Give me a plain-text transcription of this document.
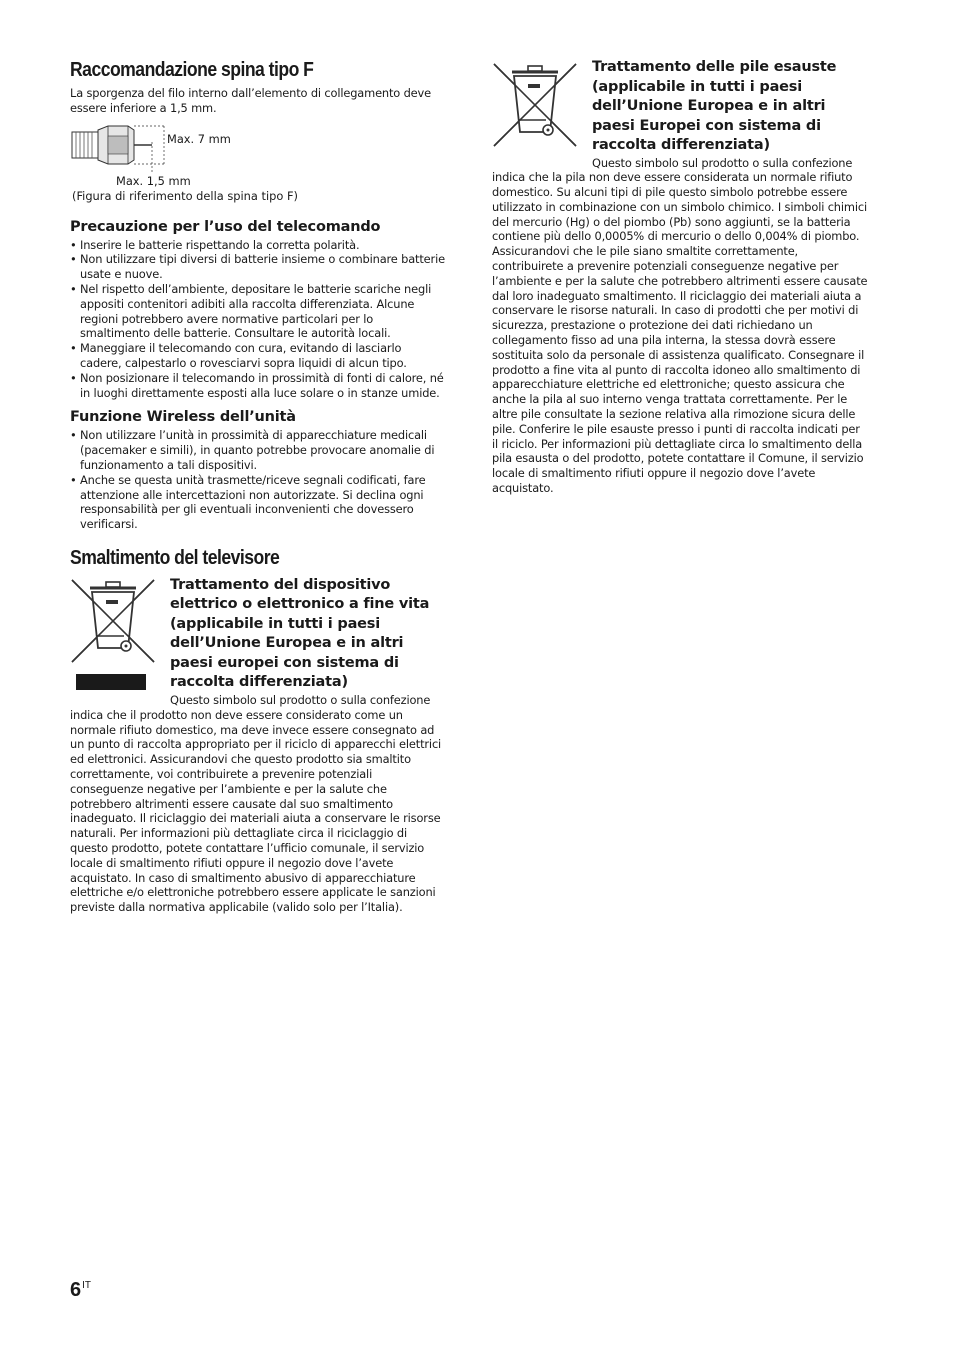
Raccomandazione spina tipo F

La sporgenza del filo interno dall’elemento di collegamento deve essere inferiore a 1,5 mm.

Max. 7 mm
Max. 1,5 mm
(Figura di riferimento della spina tipo F)
Precauzione per l’uso del telecomando
• Inserire le batterie rispettando la corretta polarità.
• Non utilizzare tipi diversi di batterie insieme o combinare batterie usate e nuove.
• Nel rispetto dell’ambiente, depositare le batterie scariche negli appositi contenitori adibiti alla raccolta differenziata. Alcune regioni potrebbero avere normative particolari per lo smaltimento delle batterie. Consultare le autorità locali.
• Maneggiare il telecomando con cura, evitando di lasciarlo cadere, calpestarlo o rovesciarvi sopra liquidi di alcun tipo.
• Non posizionare il telecomando in prossimità di fonti di calore, né in luoghi direttamente esposti alla luce solare o in stanze umide.
Funzione Wireless dell’unità
• Non utilizzare l’unità in prossimità di apparecchiature medicali (pacemaker e simili), in quanto potrebbe provocare anomalie di funzionamento a tali dispositivi.
• Anche se questa unità trasmette/riceve segnali codificati, fare attenzione alle intercettazioni non autorizzate. Si declina ogni responsabilità per gli eventuali inconvenienti che dovessero verificarsi.
Smaltimento del televisore
Trattamento del dispositivo elettrico o elettronico a fine vita (applicabile in tutti i paesi dell’Unione Europea e in altri paesi europei con sistema di raccolta differenziata)

Questo simbolo sul prodotto o sulla confezione indica che il prodotto non deve essere considerato come un normale rifiuto domestico, ma deve invece essere consegnato ad un punto di raccolta appropriato per il riciclo di apparecchi elettrici ed elettronici. Assicurandovi che questo prodotto sia smaltito correttamente, voi contribuirete a prevenire potenziali conseguenze negative per l’ambiente e per la salute che potrebbero altrimenti essere causate dal suo smaltimento inadeguato. Il riciclaggio dei materiali aiuta a conservare le risorse naturali. Per informazioni più dettagliate circa il riciclaggio di questo prodotto, potete contattare l’ufficio comunale, il servizio locale di smaltimento rifiuti oppure il negozio dove l’avete acquistato. In caso di smaltimento abusivo di apparecchiature elettriche e/o elettroniche potrebbero essere applicate le sanzioni previste dalla normativa applicabile (valido solo per l’Italia).

Trattamento delle pile esauste (applicabile in tutti i paesi dell’Unione Europea e in altri paesi Europei con sistema di raccolta differenziata)

Questo simbolo sul prodotto o sulla confezione indica che la pila non deve essere considerata un normale rifiuto domestico. Su alcuni tipi di pile questo simbolo potrebbe essere utilizzato in combinazione con un simbolo chimico. I simboli chimici del mercurio (Hg) o del piombo (Pb) sono aggiunti, se la batteria contiene più dello 0,0005% di mercurio o dello 0,004% di piombo. Assicurandovi che le pile siano smaltite correttamente, contribuirete a prevenire potenziali conseguenze negative per l’ambiente e per la salute che potrebbero altrimenti essere causate dal loro inadeguato smaltimento. Il riciclaggio dei materiali aiuta a conservare le risorse naturali. In caso di prodotti che per motivi di sicurezza, prestazione o protezione dei dati richiedano un collegamento fisso ad una pila interna, la stessa dovrà essere sostituita solo da personale di assistenza qualificato. Consegnare il prodotto a fine vita al punto di raccolta idoneo allo smaltimento di apparecchiature elettriche ed elettroniche; questo assicura che anche la pila al suo interno venga trattata correttamente. Per le altre pile consultate la sezione relativa alla rimozione sicura delle pile. Conferire le pile esauste presso i punti di raccolta indicati per il riciclo. Per informazioni più dettagliate circa lo smaltimento della pila esausta o del prodotto, potete contattare il Comune, il servizio locale di smaltimento rifiuti oppure il negozio dove l’avete acquistato.

$6^{IT}$
